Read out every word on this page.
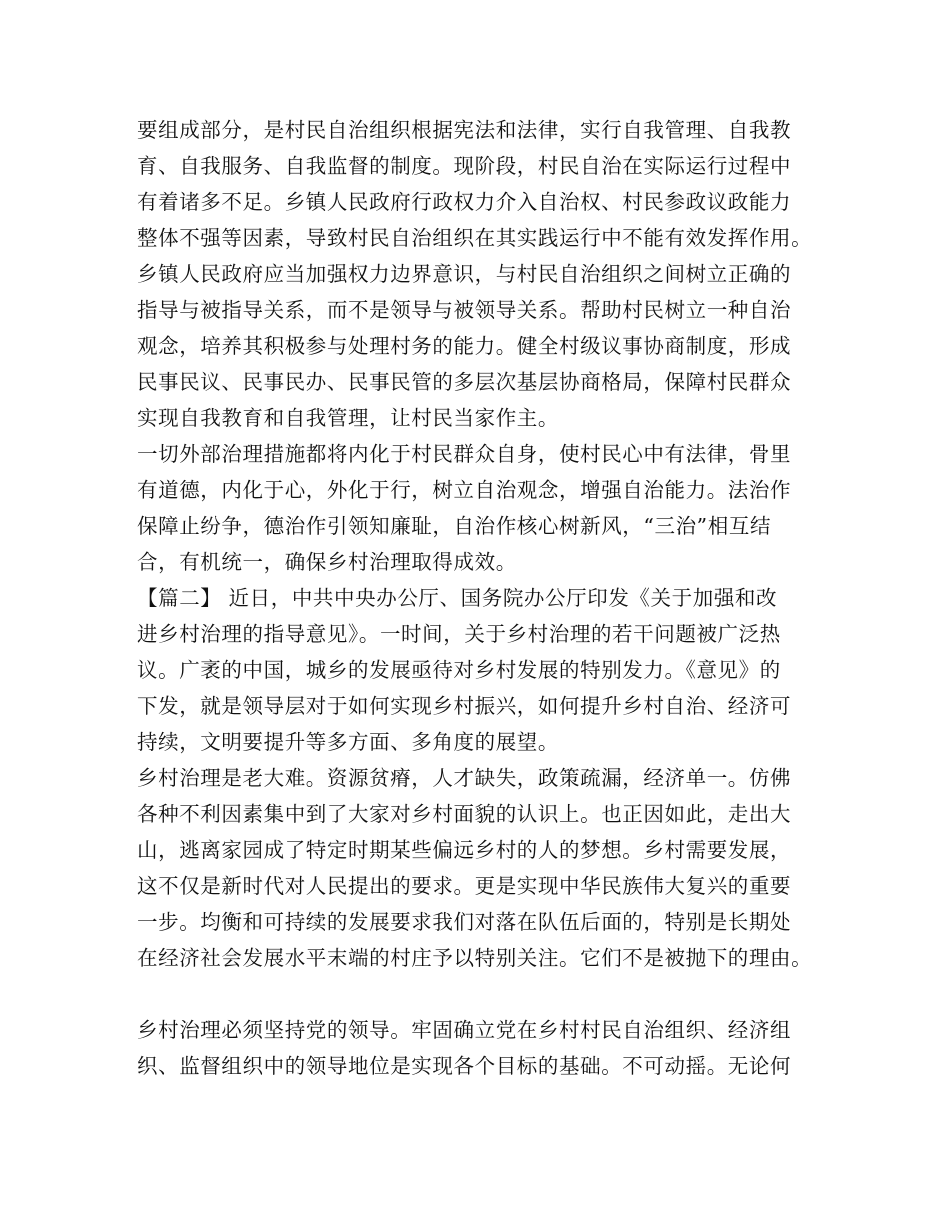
要组成部分，是村民自治组织根据宪法和法律，实行自我管理、自我教
育、自我服务、自我监督的制度。现阶段，村民自治在实际运行过程中
有着诸多不足。乡镇人民政府行政权力介入自治权、村民参政议政能力
整体不强等因素，导致村民自治组织在其实践运行中不能有效发挥作用。
乡镇人民政府应当加强权力边界意识，与村民自治组织之间树立正确的
指导与被指导关系，而不是领导与被领导关系。帮助村民树立一种自治
观念，培养其积极参与处理村务的能力。健全村级议事协商制度，形成
民事民议、民事民办、民事民管的多层次基层协商格局，保障村民群众
实现自我教育和自我管理，让村民当家作主。
一切外部治理措施都将内化于村民群众自身，使村民心中有法律，骨里
有道德，内化于心，外化于行，树立自治观念，增强自治能力。法治作
保障止纷争，德治作引领知廉耻，自治作核心树新风，“三治”相互结
合，有机统一，确保乡村治理取得成效。
【篇二】 近日，中共中央办公厅、国务院办公厅印发《关于加强和改
进乡村治理的指导意见》。一时间，关于乡村治理的若干问题被广泛热
议。广袤的中国，城乡的发展亟待对乡村发展的特别发力。《意见》的
下发，就是领导层对于如何实现乡村振兴，如何提升乡村自治、经济可
持续，文明要提升等多方面、多角度的展望。
乡村治理是老大难。资源贫瘠，人才缺失，政策疏漏，经济单一。仿佛
各种不利因素集中到了大家对乡村面貌的认识上。也正因如此，走出大
山，逃离家园成了特定时期某些偏远乡村的人的梦想。乡村需要发展，
这不仅是新时代对人民提出的要求。更是实现中华民族伟大复兴的重要
一步。均衡和可持续的发展要求我们对落在队伍后面的，特别是长期处
在经济社会发展水平末端的村庄予以特别关注。它们不是被抛下的理由。
乡村治理必须坚持党的领导。牢固确立党在乡村村民自治组织、经济组
织、监督组织中的领导地位是实现各个目标的基础。不可动摇。无论何
